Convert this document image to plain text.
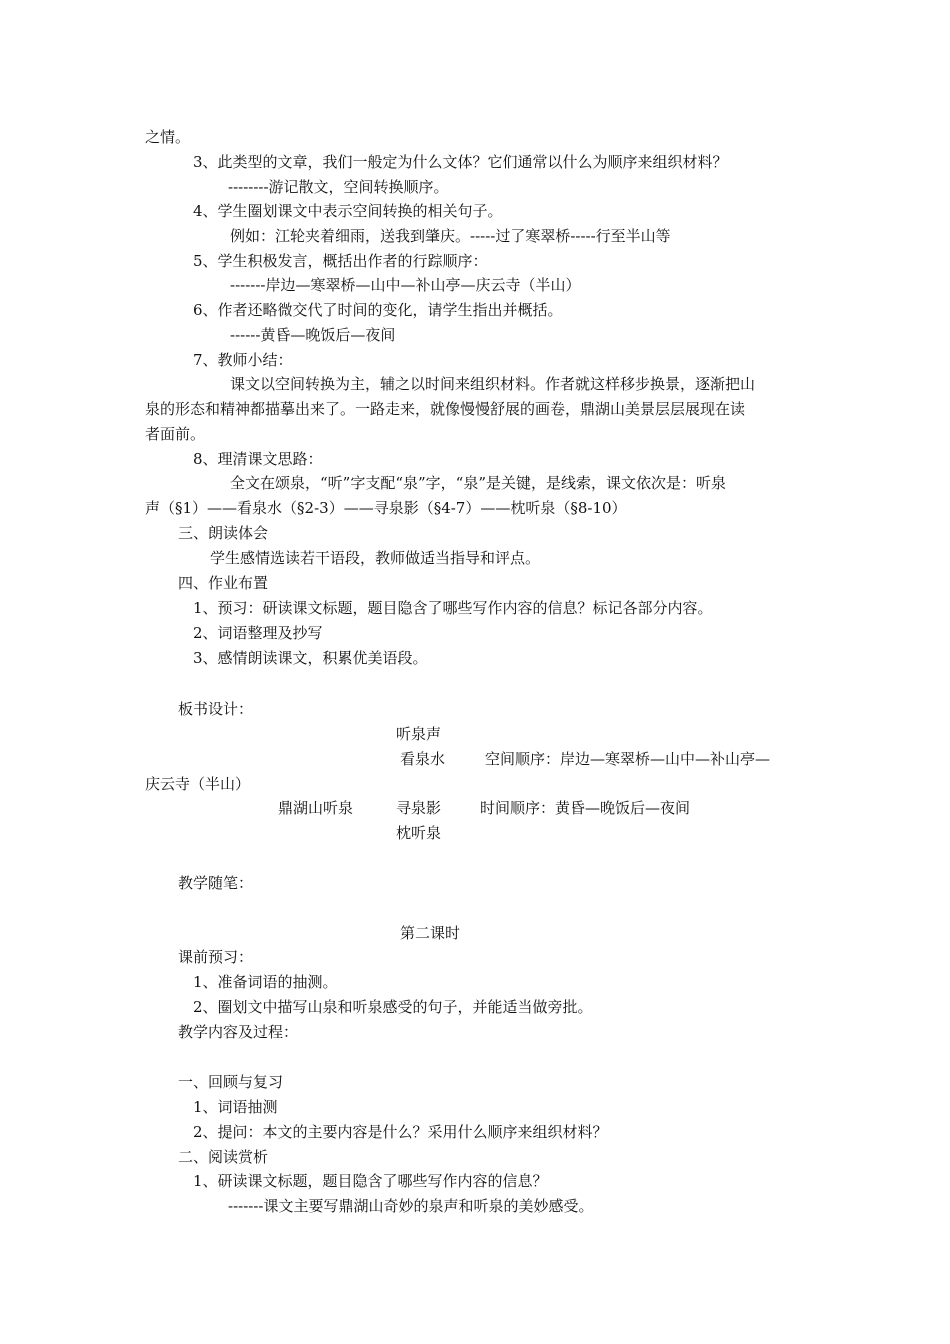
之情。
3、此类型的文章，我们一般定为什么文体？它们通常以什么为顺序来组织材料？
--------游记散文，空间转换顺序。
4、学生圈划课文中表示空间转换的相关句子。
例如：江轮夹着细雨，送我到肇庆。-----过了寒翠桥-----行至半山等
5、学生积极发言，概括出作者的行踪顺序：
-------岸边—寒翠桥—山中—补山亭—庆云寺（半山）
6、作者还略微交代了时间的变化，请学生指出并概括。
------黄昏—晚饭后—夜间
7、教师小结：
课文以空间转换为主，辅之以时间来组织材料。作者就这样移步换景，逐渐把山
泉的形态和精神都描摹出来了。一路走来，就像慢慢舒展的画卷，鼎湖山美景层层展现在读
者面前。
8、理清课文思路：
全文在颂泉，“听”字支配“泉”字，“泉”是关键，是线索，课文依次是：听泉
声（§1）——看泉水（§2-3）——寻泉影（§4-7）——枕听泉（§8-10）
三、朗读体会
学生感情选读若干语段，教师做适当指导和评点。
四、作业布置
1、预习：研读课文标题，题目隐含了哪些写作内容的信息？标记各部分内容。
2、词语整理及抄写
3、感情朗读课文，积累优美语段。
板书设计：
听泉声
看泉水	空间顺序：岸边—寒翠桥—山中—补山亭—
庆云寺（半山）
鼎湖山听泉	寻泉影	时间顺序：黄昏—晚饭后—夜间
枕听泉
教学随笔：
第二课时
课前预习：
1、准备词语的抽测。
2、圈划文中描写山泉和听泉感受的句子，并能适当做旁批。
教学内容及过程：
一、回顾与复习
1、词语抽测
2、提问：本文的主要内容是什么？采用什么顺序来组织材料？
二、阅读赏析
1、研读课文标题，题目隐含了哪些写作内容的信息？
-------课文主要写鼎湖山奇妙的泉声和听泉的美妙感受。
